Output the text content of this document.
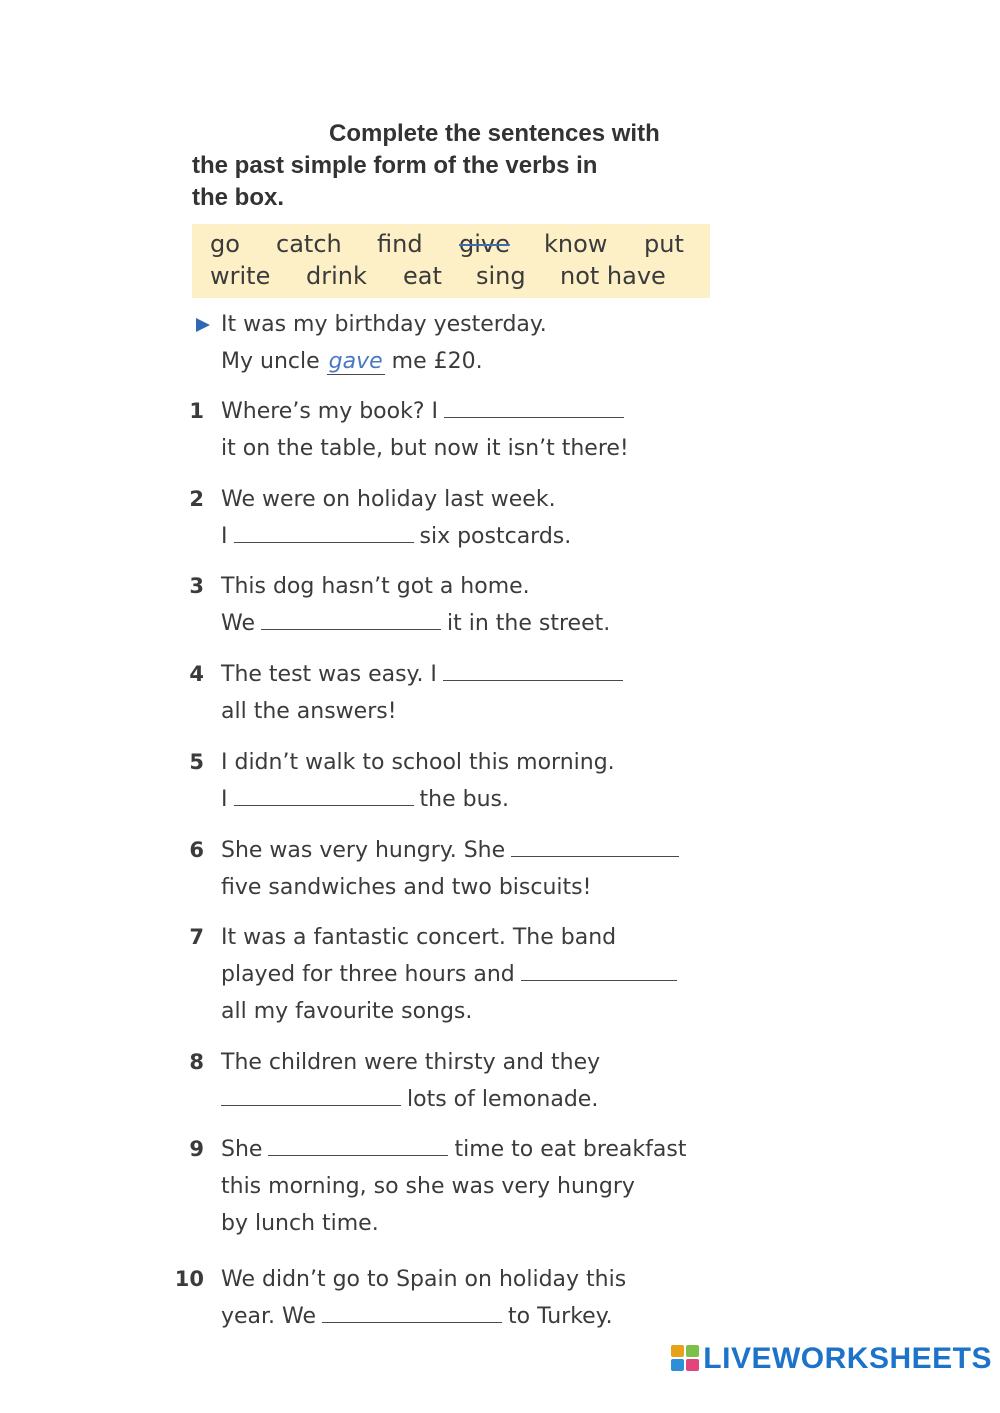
Complete the sentences with
the past simple form of the verbs in
the box.
go	catch	find	give	know	put
write	drink	eat	sing	not have
It was my birthday yesterday.
My uncle gave me £20.
1 Where’s my book? I
it on the table, but now it isn’t there!
2 We were on holiday last week.
I	six postcards.
3 This dog hasn’t got a home.
We	it in the street.
4 The test was easy. I
all the answers!
5 I didn’t walk to school this morning.
I	the bus.
6 She was very hungry. She
five sandwiches and two biscuits!
7 It was a fantastic concert. The band
played for three hours and
all my favourite songs.
8 The children were thirsty and they
lots of lemonade.
9 She	time to eat breakfast
this morning, so she was very hungry
by lunch time.
10 We didn’t go to Spain on holiday this
year. We	to Turkey.
LIVEWORKSHEETS
